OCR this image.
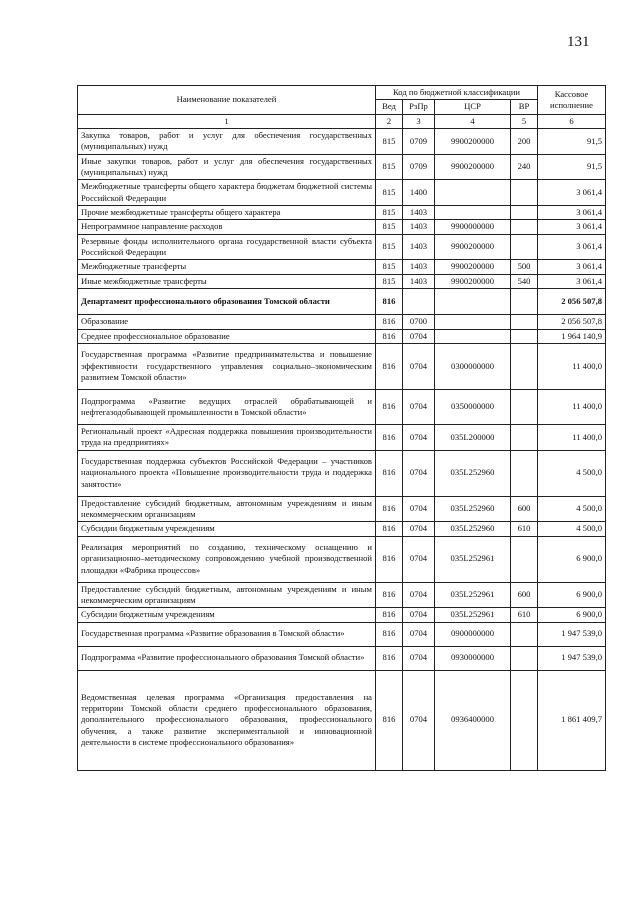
131
Наименование показателей	Код по бюджетной классификации				Кассовое исполнение
	Вед	РзПр	ЦСР	ВР	
1	2	3	4	5	6
Закупка товаров, работ и услуг для обеспечения государственных (муниципальных) нужд	815	0709	9900200000	200	91,5
Иные закупки товаров, работ и услуг для обеспечения государственных (муниципальных) нужд	815	0709	9900200000	240	91,5
Межбюджетные трансферты общего характера бюджетам бюджетной системы Российской Федерации	815	1400			3 061,4
Прочие межбюджетные трансферты общего характера	815	1403			3 061,4
Непрограммное направление расходов	815	1403	9900000000		3 061,4
Резервные фонды исполнительного органа государственной власти субъекта Российской Федерации	815	1403	9900200000		3 061,4
Межбюджетные трансферты	815	1403	9900200000	500	3 061,4
Иные межбюджетные трансферты	815	1403	9900200000	540	3 061,4
Департамент профессионального образования Томской области	816				2 056 507,8
Образование	816	0700			2 056 507,8
Среднее профессиональное образование	816	0704			1 964 140,9
Государственная программа «Развитие предпринимательства и повышение эффективности государственного управления социально–экономическим развитием Томской области»	816	0704	0300000000		11 400,0
Подпрограмма «Развитие ведущих отраслей обрабатывающей и нефтегазодобывающей промышленности в Томской области»	816	0704	0350000000		11 400,0
Региональный проект «Адресная поддержка повышения производительности труда на предприятиях»	816	0704	035L200000		11 400,0
Государственная поддержка субъектов Российской Федерации – участников национального проекта «Повышение производительности труда и поддержка занятости»	816	0704	035L252960		4 500,0
Предоставление субсидий бюджетным, автономным учреждениям и иным некоммерческим организациям	816	0704	035L252960	600	4 500,0
Субсидии бюджетным учреждениям	816	0704	035L252960	610	4 500,0
Реализация мероприятий по созданию, техническому оснащению и организационно–методическому сопровождению учебной производственной площадки «Фабрика процессов»	816	0704	035L252961		6 900,0
Предоставление субсидий бюджетным, автономным учреждениям и иным некоммерческим организациям	816	0704	035L252961	600	6 900,0
Субсидии бюджетным учреждениям	816	0704	035L252961	610	6 900,0
Государственная программа «Развитие образования в Томской области»	816	0704	0900000000		1 947 539,0
Подпрограмма «Развитие профессионального образования Томской области»	816	0704	0930000000		1 947 539,0
Ведомственная целевая программа «Организация предоставления на территории Томской области среднего профессионального образования, дополнительного профессионального образования, профессионального обучения, а также развитие экспериментальной и инновационной деятельности в системе профессионального образования»	816	0704	0936400000		1 861 409,7
